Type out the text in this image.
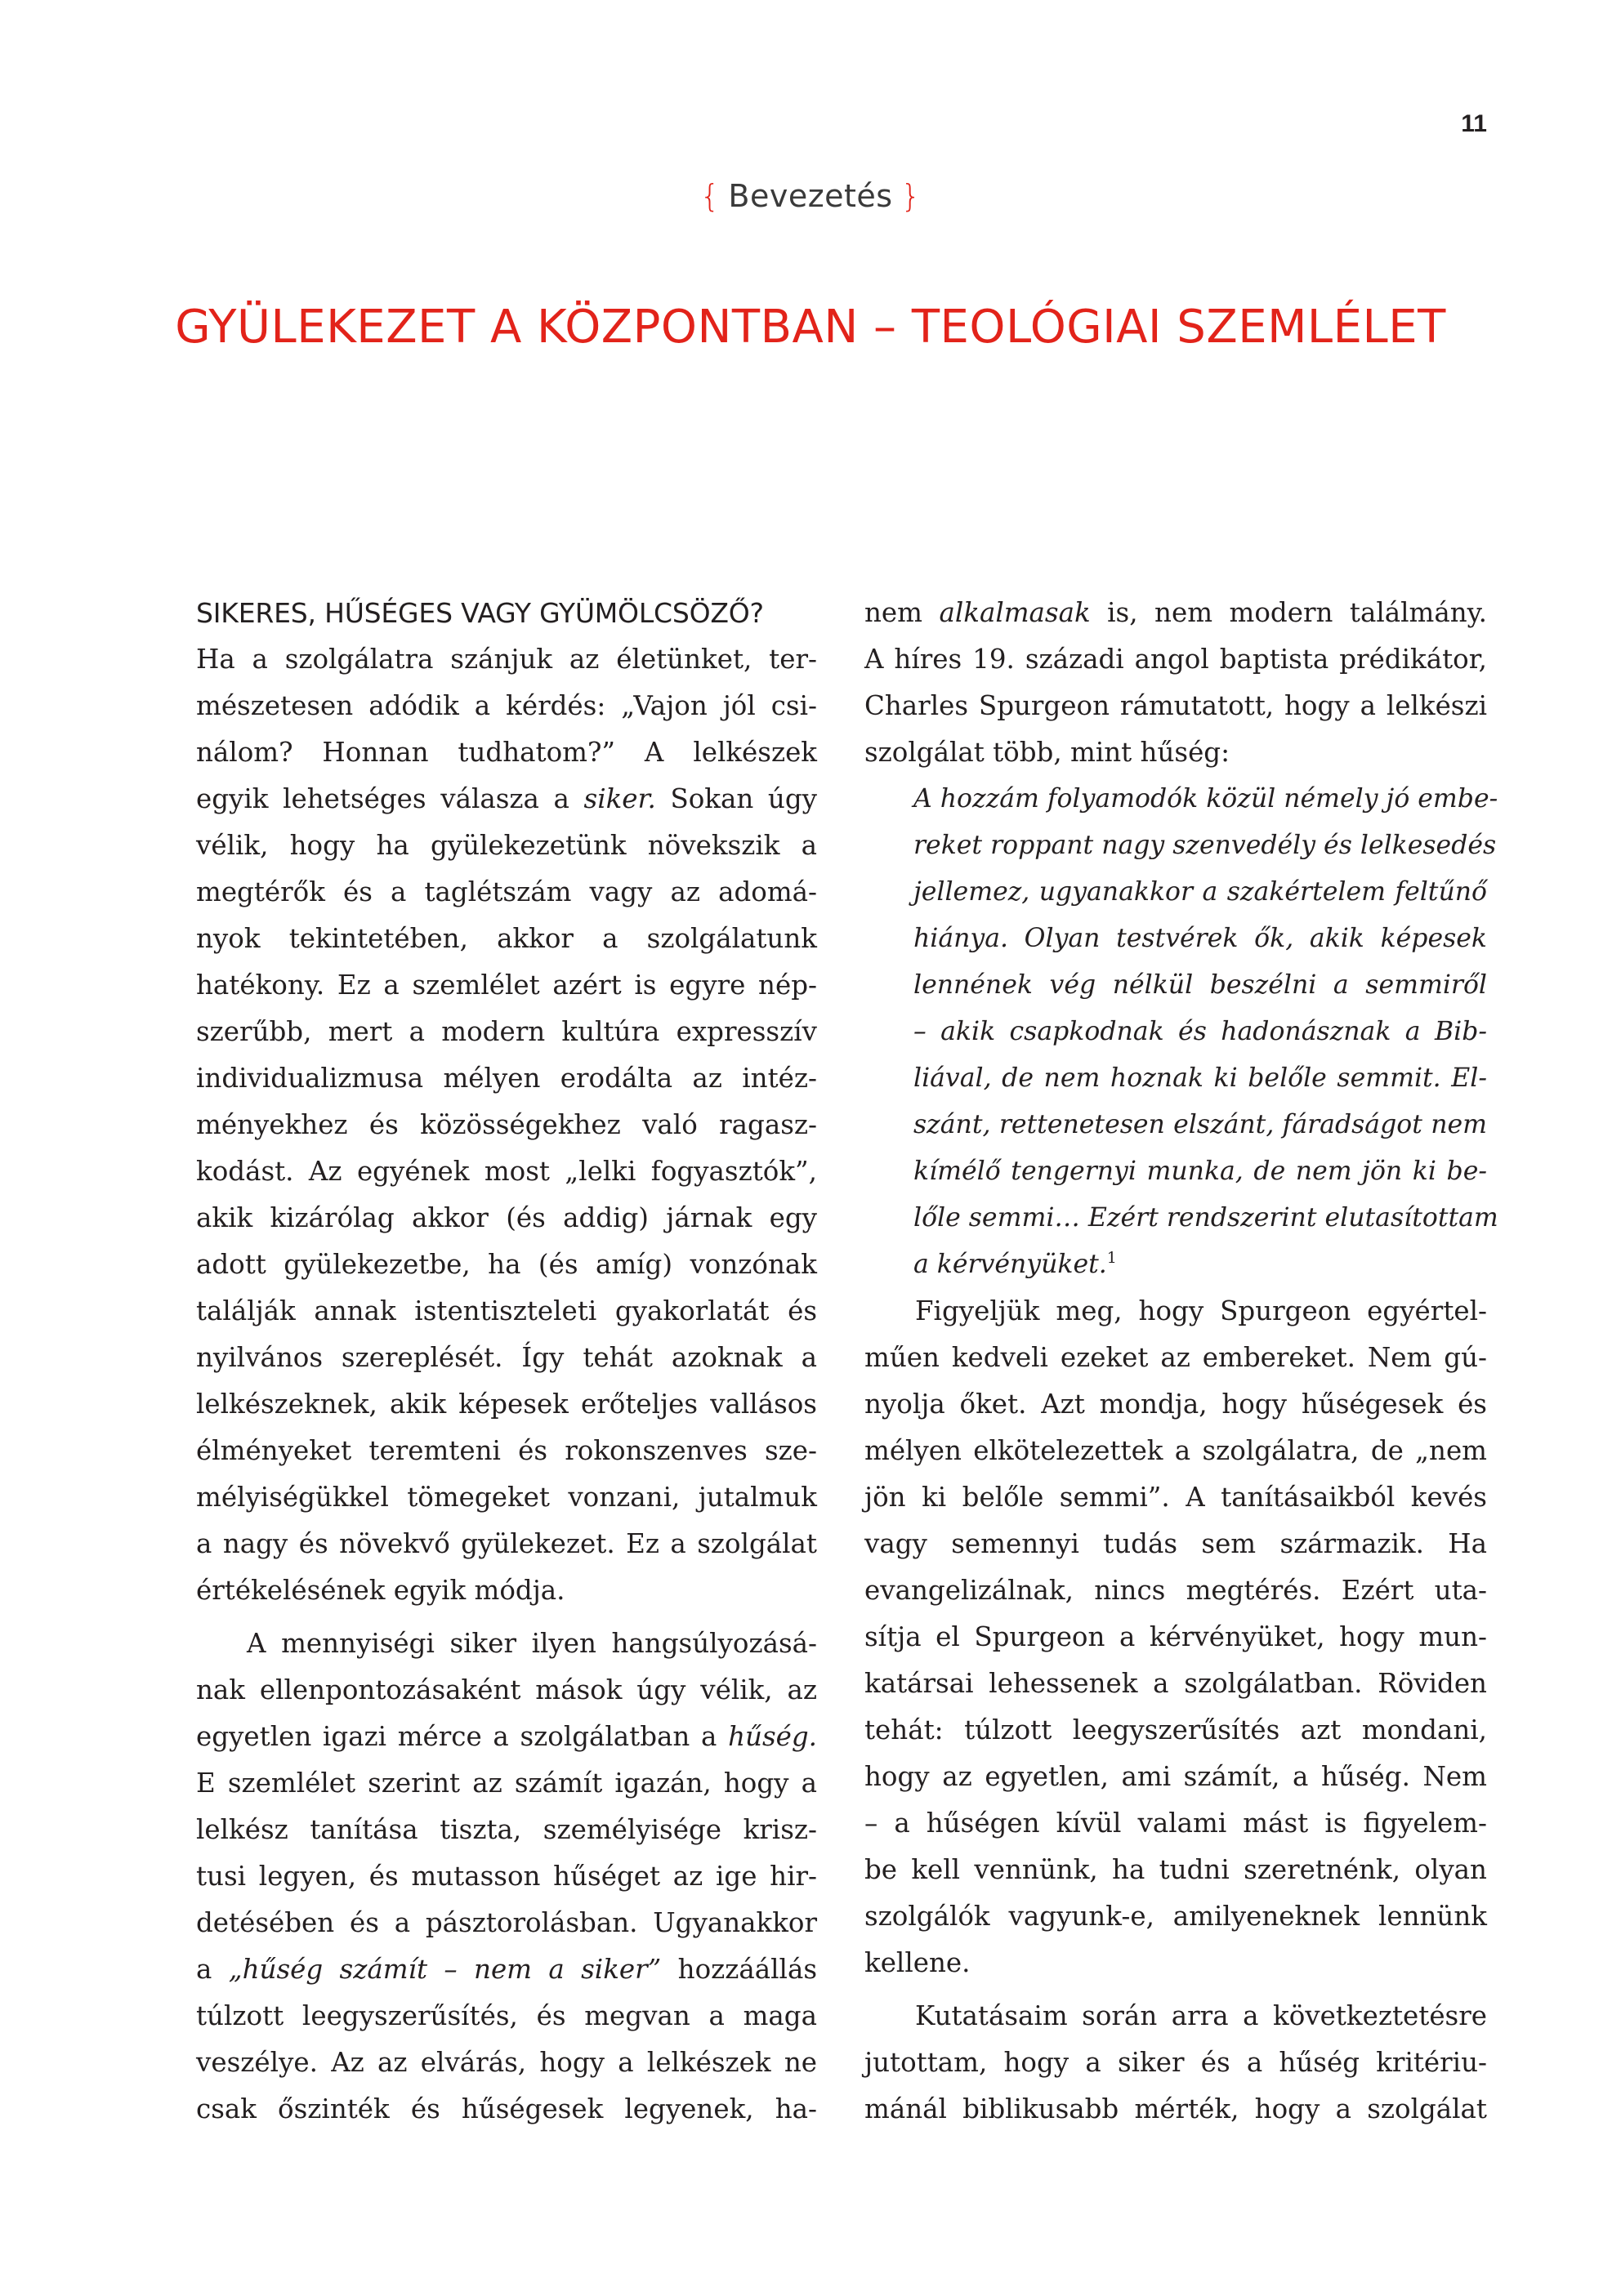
11
{ Bevezetés }
GYÜLEKEZET A KÖZPONTBAN – TEOLÓGIAI SZEMLÉLET
SIKERES, HŰSÉGES VAGY GYÜMÖLCSÖZŐ?
Ha a szolgálatra szánjuk az életünket, ter-
mészetesen adódik a kérdés: „Vajon jól csi-
nálom? Honnan tudhatom?” A lelkészek
egyik lehetséges válasza a siker. Sokan úgy
vélik, hogy ha gyülekezetünk növekszik a
megtérők és a taglétszám vagy az adomá-
nyok tekintetében, akkor a szolgálatunk
hatékony. Ez a szemlélet azért is egyre nép-
szerűbb, mert a modern kultúra expresszív
individualizmusa mélyen erodálta az intéz-
ményekhez és közösségekhez való ragasz-
kodást. Az egyének most „lelki fogyasztók”,
akik kizárólag akkor (és addig) járnak egy
adott gyülekezetbe, ha (és amíg) vonzónak
találják annak istentiszteleti gyakorlatát és
nyilvános szereplését. Így tehát azoknak a
lelkészeknek, akik képesek erőteljes vallásos
élményeket teremteni és rokonszenves sze-
mélyiségükkel tömegeket vonzani, jutalmuk
a nagy és növekvő gyülekezet. Ez a szolgálat
értékelésének egyik módja.
A mennyiségi siker ilyen hangsúlyozásá-
nak ellenpontozásaként mások úgy vélik, az
egyetlen igazi mérce a szolgálatban a hűség.
E szemlélet szerint az számít igazán, hogy a
lelkész tanítása tiszta, személyisége krisz-
tusi legyen, és mutasson hűséget az ige hir-
detésében és a pásztorolásban. Ugyanakkor
a „hűség számít – nem a siker” hozzáállás
túlzott leegyszerűsítés, és megvan a maga
veszélye. Az az elvárás, hogy a lelkészek ne
csak őszinték és hűségesek legyenek, ha-
nem alkalmasak is, nem modern találmány.
A híres 19. századi angol baptista prédikátor,
Charles Spurgeon rámutatott, hogy a lelkészi
szolgálat több, mint hűség:
A hozzám folyamodók közül némely jó embe-
reket roppant nagy szenvedély és lelkesedés
jellemez, ugyanakkor a szakértelem feltűnő
hiánya. Olyan testvérek ők, akik képesek
lennének vég nélkül beszélni a semmiről
– akik csapkodnak és hadonásznak a Bib-
liával, de nem hoznak ki belőle semmit. El-
szánt, rettenetesen elszánt, fáradságot nem
kímélő tengernyi munka, de nem jön ki be-
lőle semmi… Ezért rendszerint elutasítottam
a kérvényüket.$^1$
Figyeljük meg, hogy Spurgeon egyértel-
műen kedveli ezeket az embereket. Nem gú-
nyolja őket. Azt mondja, hogy hűségesek és
mélyen elkötelezettek a szolgálatra, de „nem
jön ki belőle semmi”. A tanításaikból kevés
vagy semennyi tudás sem származik. Ha
evangelizálnak, nincs megtérés. Ezért uta-
sítja el Spurgeon a kérvényüket, hogy mun-
katársai lehessenek a szolgálatban. Röviden
tehát: túlzott leegyszerűsítés azt mondani,
hogy az egyetlen, ami számít, a hűség. Nem
– a hűségen kívül valami mást is figyelem-
be kell vennünk, ha tudni szeretnénk, olyan
szolgálók vagyunk-e, amilyeneknek lennünk
kellene.
Kutatásaim során arra a következtetésre
jutottam, hogy a siker és a hűség kritériu-
mánál biblikusabb mérték, hogy a szolgálat
